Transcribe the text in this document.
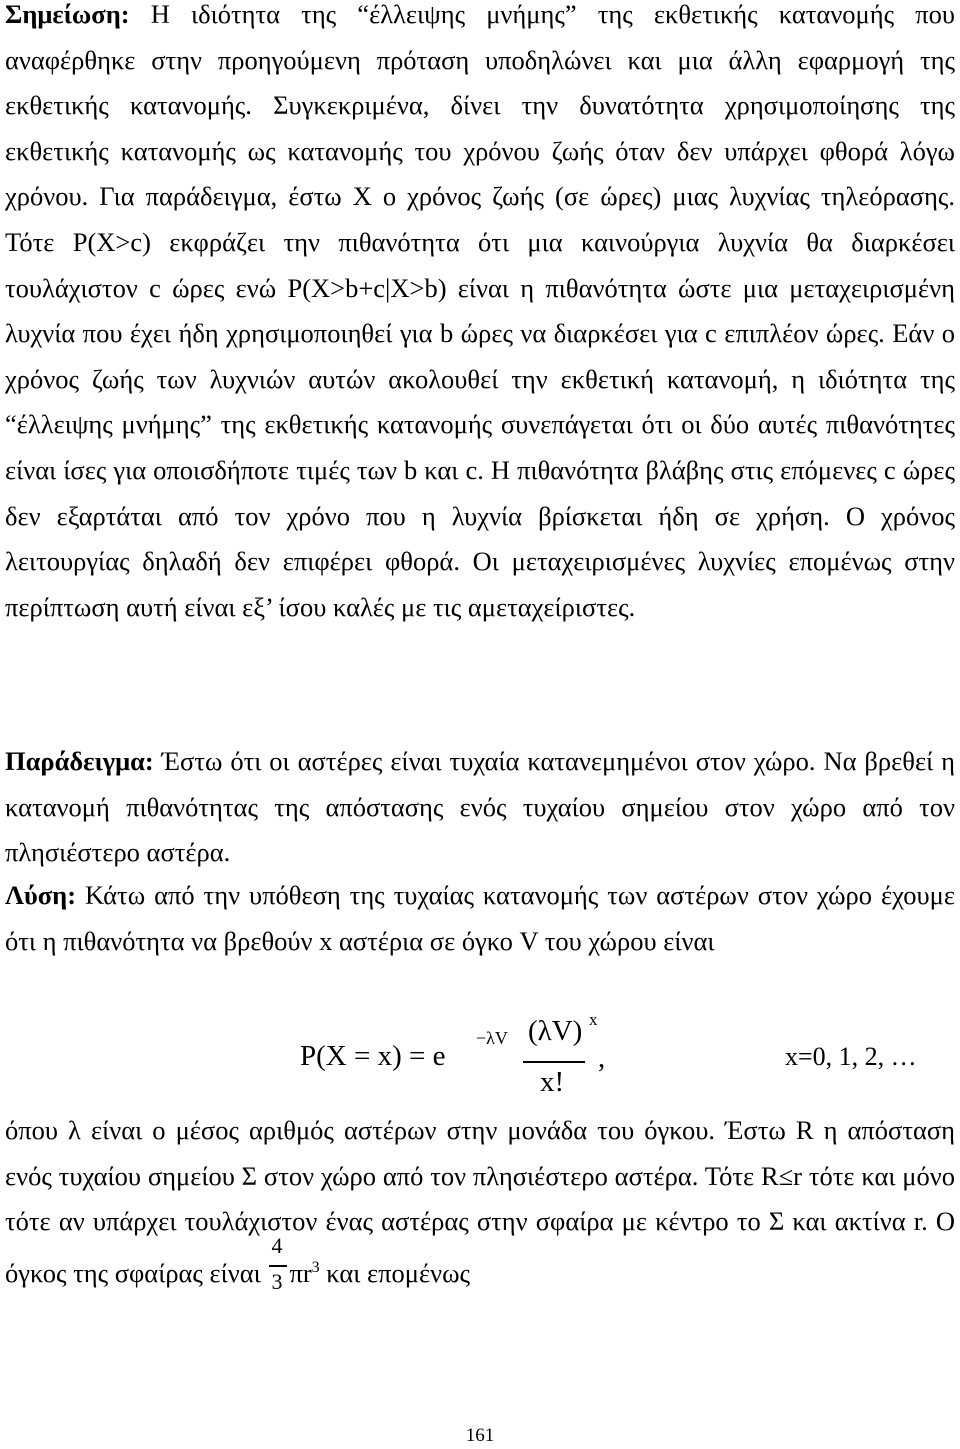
Σημείωση: Η ιδιότητα της “έλλειψης μνήμης” της εκθετικής κατανομής που αναφέρθηκε στην προηγούμενη πρόταση υποδηλώνει και μια άλλη εφαρμογή της εκθετικής κατανομής. Συγκεκριμένα, δίνει την δυνατότητα χρησιμοποίησης της εκθετικής κατανομής ως κατανομής του χρόνου ζωής όταν δεν υπάρχει φθορά λόγω χρόνου. Για παράδειγμα, έστω X ο χρόνος ζωής (σε ώρες) μιας λυχνίας τηλεόρασης. Τότε P(X>c) εκφράζει την πιθανότητα ότι μια καινούργια λυχνία θα διαρκέσει τουλάχιστον c ώρες ενώ P(X>b+c|X>b) είναι η πιθανότητα ώστε μια μεταχειρισμένη λυχνία που έχει ήδη χρησιμοποιηθεί για b ώρες να διαρκέσει για c επιπλέον ώρες. Εάν ο χρόνος ζωής των λυχνιών αυτών ακολουθεί την εκθετική κατανομή, η ιδιότητα της “έλλειψης μνήμης” της εκθετικής κατανομής συνεπάγεται ότι οι δύο αυτές πιθανότητες είναι ίσες για οποισδήποτε τιμές των b και c. Η πιθανότητα βλάβης στις επόμενες c ώρες δεν εξαρτάται από τον χρόνο που η λυχνία βρίσκεται ήδη σε χρήση. Ο χρόνος λειτουργίας δηλαδή δεν επιφέρει φθορά. Οι μεταχειρισμένες λυχνίες επομένως στην περίπτωση αυτή είναι εξ’ ίσου καλές με τις αμεταχείριστες.

Παράδειγμα: Έστω ότι οι αστέρες είναι τυχαία κατανεμημένοι στον χώρο. Να βρεθεί η κατανομή πιθανότητας της απόστασης ενός τυχαίου σημείου στον χώρο από τον πλησιέστερο αστέρα.

Λύση: Κάτω από την υπόθεση της τυχαίας κατανομής των αστέρων στον χώρο έχουμε ότι η πιθανότητα να βρεθούν x αστέρια σε όγκο V του χώρου είναι

P(X = x) = e
−λV (λV) x
x!
,	x=0, 1, 2, …

όπου λ είναι ο μέσος αριθμός αστέρων στην μονάδα του όγκου. Έστω R η απόσταση ενός τυχαίου σημείου Σ στον χώρο από τον πλησιέστερο αστέρα. Τότε R≤r τότε και μόνο τότε αν υπάρχει τουλάχιστον ένας αστέρας στην σφαίρα με κέντρο το Σ και ακτίνα r. Ο όγκος της σφαίρας είναι $\frac{4}{3} \pi r^3$ και επομένως

161
